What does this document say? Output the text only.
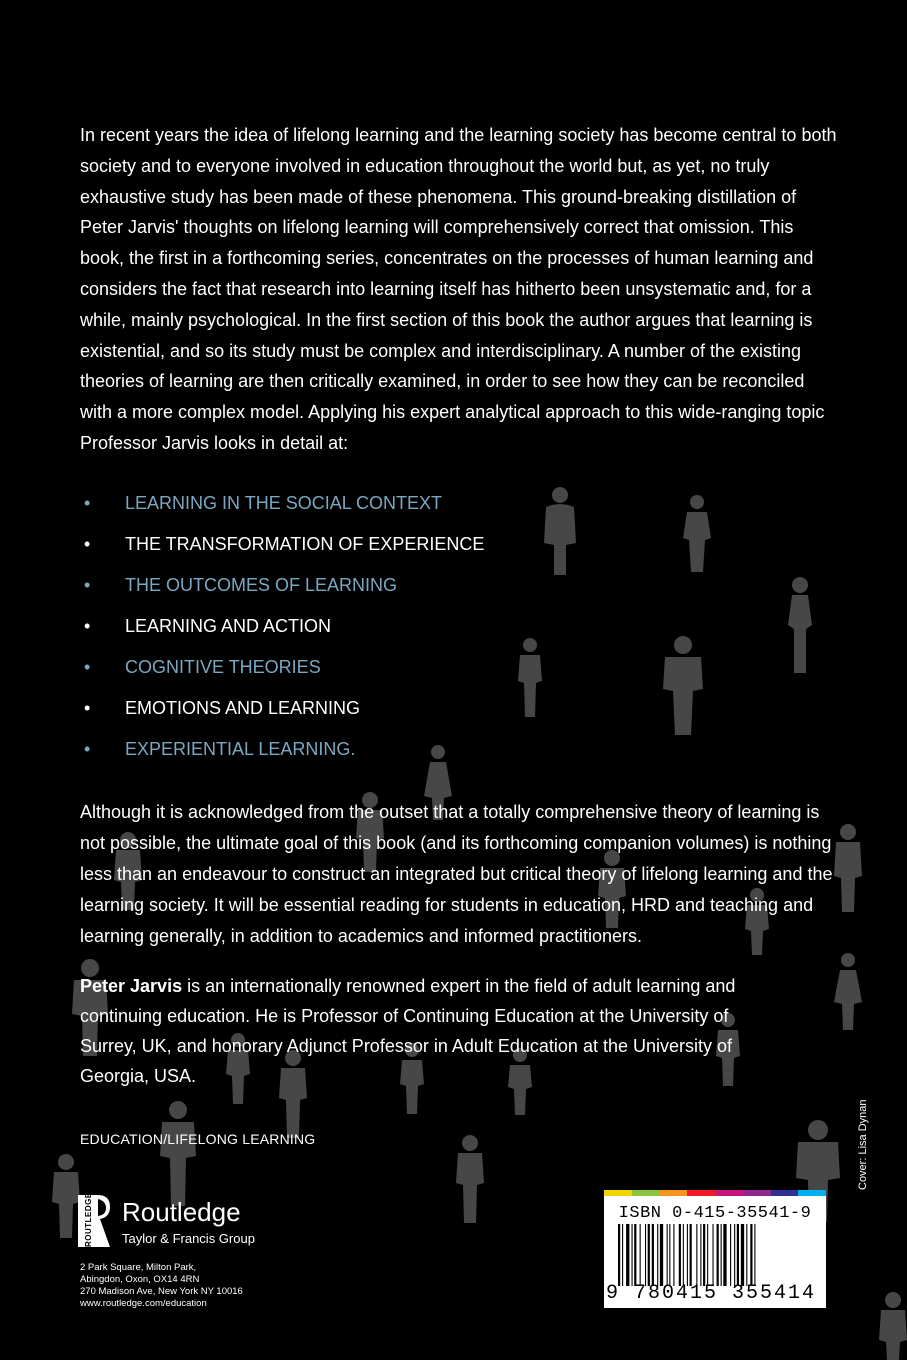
In recent years the idea of lifelong learning and the learning society has become central to both society and to everyone involved in education throughout the world but, as yet, no truly exhaustive study has been made of these phenomena. This ground-breaking distillation of Peter Jarvis' thoughts on lifelong learning will comprehensively correct that omission. This book, the first in a forthcoming series, concentrates on the processes of human learning and considers the fact that research into learning itself has hitherto been unsystematic and, for a while, mainly psychological. In the first section of this book the author argues that learning is existential, and so its study must be complex and interdisciplinary. A number of the existing theories of learning are then critically examined, in order to see how they can be reconciled with a more complex model. Applying his expert analytical approach to this wide-ranging topic Professor Jarvis looks in detail at:
• LEARNING IN THE SOCIAL CONTEXT
• THE TRANSFORMATION OF EXPERIENCE
• THE OUTCOMES OF LEARNING
• LEARNING AND ACTION
• COGNITIVE THEORIES
• EMOTIONS AND LEARNING
• EXPERIENTIAL LEARNING.
Although it is acknowledged from the outset that a totally comprehensive theory of learning is not possible, the ultimate goal of this book (and its forthcoming companion volumes) is nothing less than an endeavour to construct an integrated but critical theory of lifelong learning and the learning society. It will be essential reading for students in education, HRD and teaching and learning generally, in addition to academics and informed practitioners.
Peter Jarvis is an internationally renowned expert in the field of adult learning and continuing education. He is Professor of Continuing Education at the University of Surrey, UK, and honorary Adjunct Professor in Adult Education at the University of Georgia, USA.
EDUCATION/LIFELONG LEARNING
ROUTLEDGE Routledge
Taylor & Francis Group
2 Park Square, Milton Park,
Abingdon, Oxon, OX14 4RN
270 Madison Ave, New York NY 10016
www.routledge.com/education
Cover: Lisa Dynan
ISBN 0-415-35541-9
9 780415 355414
